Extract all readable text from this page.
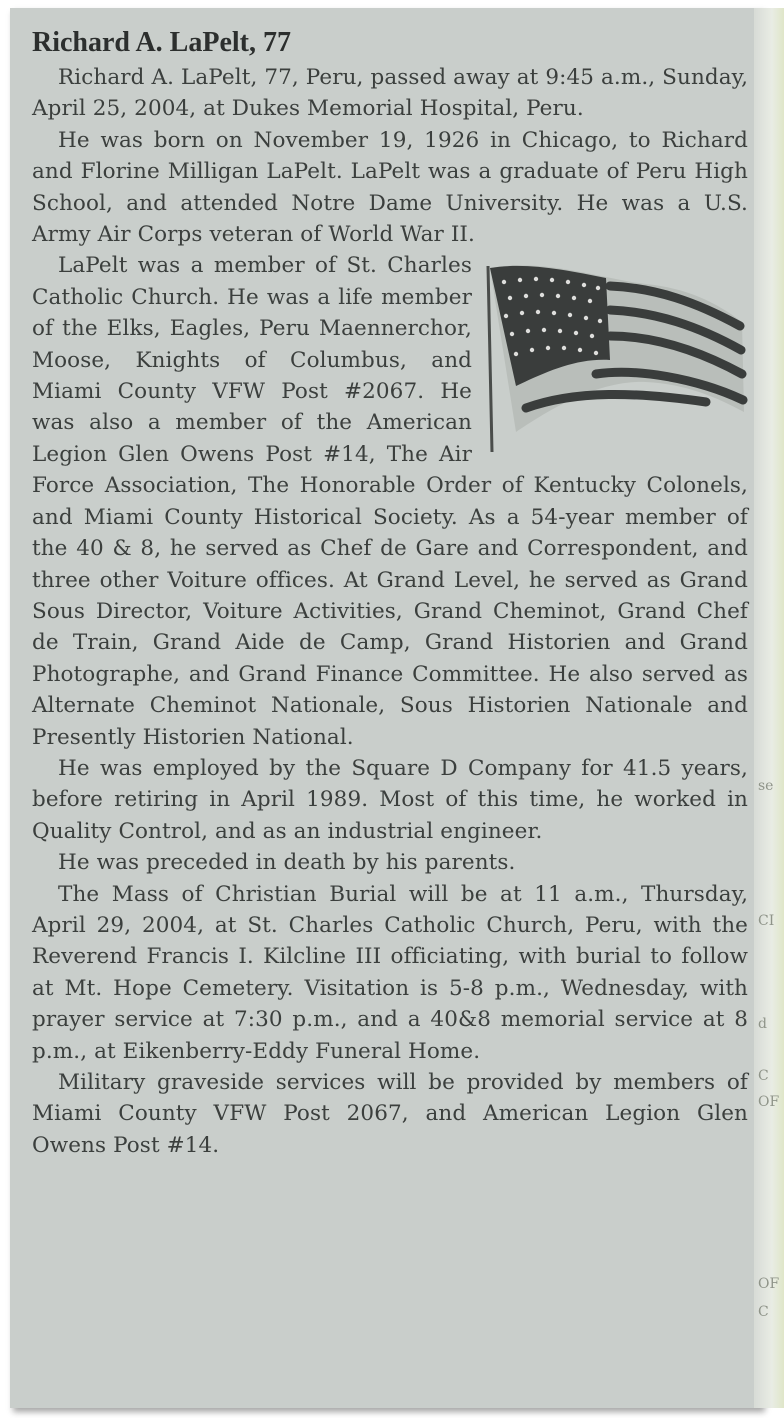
se
CI
d
C
OF
OF
C
Richard A. LaPelt, 77

Richard A. LaPelt, 77, Peru, passed away at 9:45 a.m., Sunday, April 25, 2004, at Dukes Memorial Hospital, Peru.

He was born on November 19, 1926 in Chicago, to Richard and Florine Milligan LaPelt. LaPelt was a graduate of Peru High School, and attended Notre Dame University. He was a U.S. Army Air Corps veteran of World War II.

LaPelt was a member of St. Charles Catholic Church. He was a life member of the Elks, Eagles, Peru Maennerchor, Moose, Knights of Columbus, and Miami County VFW Post #2067. He was also a member of the American Legion Glen Owens Post #14, The Air Force Association, The Honorable Order of Kentucky Colonels, and Miami County Historical Society. As a 54-year member of the 40 & 8, he served as Chef de Gare and Correspondent, and three other Voiture offices. At Grand Level, he served as Grand Sous Director, Voiture Activities, Grand Cheminot, Grand Chef de Train, Grand Aide de Camp, Grand Historien and Grand Photographe, and Grand Finance Committee. He also served as Alternate Cheminot Nationale, Sous Historien Nationale and Presently Historien National.

He was employed by the Square D Company for 41.5 years, before retiring in April 1989. Most of this time, he worked in Quality Control, and as an industrial engineer.

He was preceded in death by his parents.

The Mass of Christian Burial will be at 11 a.m., Thursday, April 29, 2004, at St. Charles Catholic Church, Peru, with the Reverend Francis I. Kilcline III officiating, with burial to follow at Mt. Hope Cemetery. Visitation is 5-8 p.m., Wednesday, with prayer service at 7:30 p.m., and a 40&8 memorial service at 8 p.m., at Eikenberry-Eddy Funeral Home.

Military graveside services will be provided by members of Miami County VFW Post 2067, and American Legion Glen Owens Post #14.
